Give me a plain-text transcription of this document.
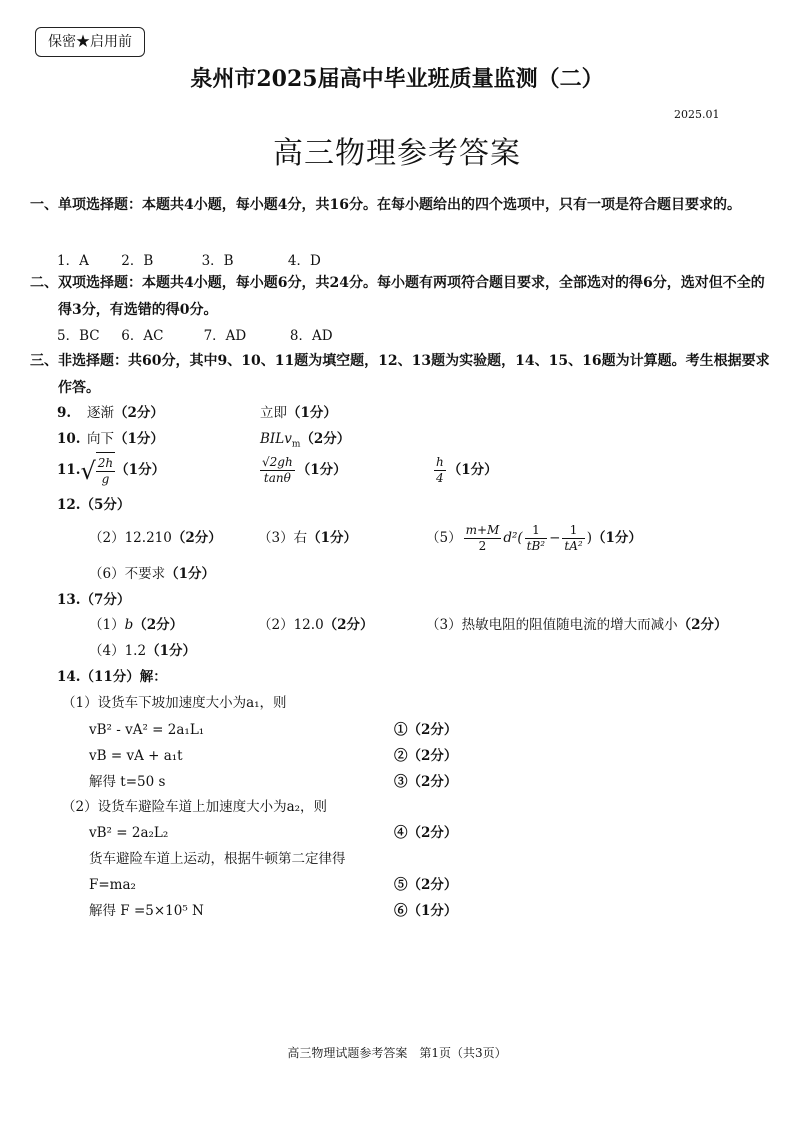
保密★启用前
泉州市2025届高中毕业班质量监测（二）
2025.01
高三物理参考答案
一、单项选择题：本题共4小题，每小题4分，共16分。在每小题给出的四个选项中，只有一项是符合题目要求的。
1．A 2．B	3．B	4．D
二、双项选择题：本题共4小题，每小题6分，共24分。每小题有两项符合题目要求，全部选对的得6分，选对但不全的得3分，有选错的得0分。
5．BC 6．AC	7．AD	8．AD
三、非选择题：共60分，其中9、10、11题为填空题，12、13题为实验题，14、15、16题为计算题。考生根据要求作答。
9. 逐渐（2分）	立即（1分）
10. 向下（1分）	BILv$_m$（2分）
$11.√ \frac{2h}{g} (1$分）	$\frac{√2gh}{\tan\theta} (1$分）	$\frac{h}{4} (1$分）
12.（5分）
（2）12.210（2分）	（3）右（1分）	$(5) \frac{m+M}{2} d^2( \frac{1}{\text{tB²}} - \frac{1}{\text{tA²}} )(1$分）
（6）不要求（1分）
13.（7分）
（1）b（2分）	（2）12.0（2分）	（3）热敏电阻的阻值随电流的增大而减小（2分）
（4）1.2（1分）
14.（11分）解：
（1）设货车下坡加速度大小为a₁，则
vB² - vA² = 2a₁L₁	①（2分）
vB = vA + a₁t	②（2分）
解得 t=50 s	③（2分）
（2）设货车避险车道上加速度大小为a₂，则
vB² = 2a₂L₂	④（2分）
货车避险车道上运动，根据牛顿第二定律得
F=ma₂	⑤（2分）
解得 F =5×10⁵ N	⑥（1分）
高三物理试题参考答案　第1页（共3页）
